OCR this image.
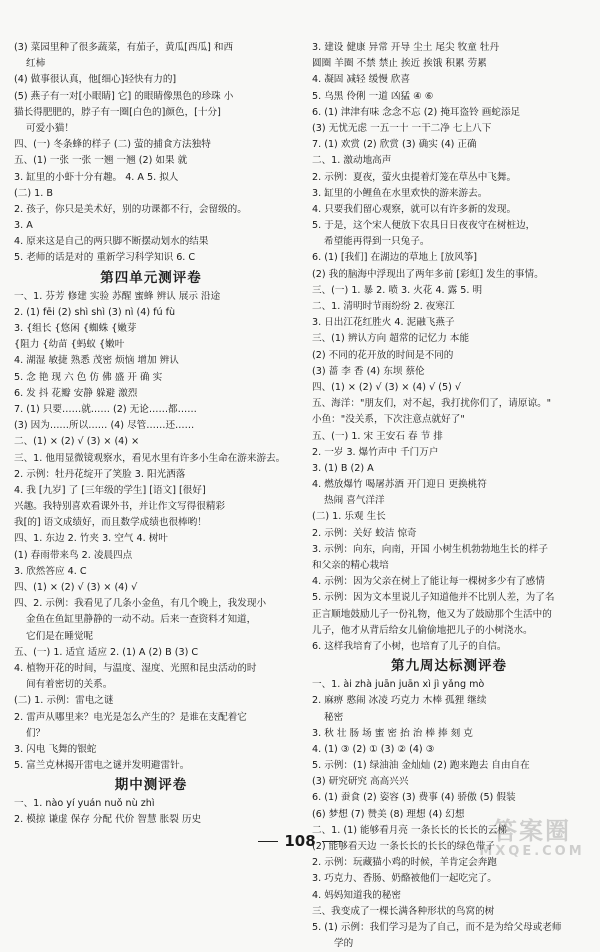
(3) 菜园里种了很多蔬菜，有茄子，黄瓜[西瓜] 和西
红柿
(4) 做事很认真，他[细心]轻快有力的]
(5) 燕子有一对[小眼睛] 它] 的眼睛像黑色的珍珠 小
猫长得肥肥的，脖子有一圈[白色的]颜色，[十分]
可爱小猫！
四、(一) 冬条蜂的样子 (二) 萤的捕食方法独特
五、(1) 一张 一张 一翘 一翘 (2) 如果 就
3. 缸里的小虾十分有趣。 4. A 5. 拟人
(二) 1. B
2. 孩子，你只是美术好，别的功课都不行，会留级的。
3. A
4. 原来这是自己的两只脚不断摆动划水的结果
5. 老师的话是对的 重新学习科学知识 6. C
第四单元测评卷
一、1. 芬芳 修建 实验 苏醒 蜜蜂 辨认 展示 沿途
2. (1) fēi (2) shì shì (3) nì (4) fú fù
3. {组长 {悠闲 {蜘蛛 {嫩芽
{阻力 {幼苗 {蚂蚁 {嫩叶
4. 湖湿 敏捷 熟悉 茂密 烦恼 增加 辨认
5. 念 艳 现 六 色 仿 佛 盛 开 确 实
6. 发 抖 花瓣 安静 躲避 激烈
7. (1) 只要……就…… (2) 无论……都……
(3) 因为……所以…… (4) 尽管……还……
二、(1) × (2) √ (3) × (4) ×
三、1. 他用显微镜观察水，看见水里有许多小生命在游来游去。
2. 示例：牡丹花绽开了笑脸 3. 阳光洒落
4. 我 [九岁] 了 [三年级的学生] [语文] [很好]
兴趣。我特别喜欢看课外书，并让作文写得很精彩
我[的] 语文成绩好，而且数学成绩也很棒哟！
四、1. 东边 2. 竹夹 3. 空气 4. 树叶
(1) 春雨带来鸟 2. 凌晨四点
3. 欣然答应 4. C
四、(1) × (2) √ (3) × (4) √
四、2. 示例：我看见了几条小金鱼，有几个晚上，我发现小
金鱼在鱼缸里静静的一动不动。后来一查资料才知道，
它们是在睡觉呢
五、(一) 1. 适宜 适应 2. (1) A (2) B (3) C
4. 植物开花的时间，与温度、湿度、光照和昆虫活动的时
间有着密切的关系。
(二) 1. 示例：雷电之谜
2. 雷声从哪里来？电光是怎么产生的？是谁在支配着它
们？
3. 闪电 飞舞的银蛇
5. 富兰克林揭开雷电之谜并发明避雷针。
期中测评卷
一、1. nào yí yuán nuǒ nù zhì
2. 模掠 谦虚 保存 分配 代价 智慧 胀裂 历史
3. 建设 健康 异常 开导 尘土 尾尖 牧童 牡丹
圆圈 羊圈 不禁 禁止 挨近 挨饿 积累 劳累
4. 凝固 减轻 缓慢 欣喜
5. 乌黑 伶俐 一道 凶猛 ④ ⑥
6. (1) 津津有味 念念不忘 (2) 掩耳盗铃 画蛇添足
(3) 无忧无虑 一五一十 一干二净 七上八下
7. (1) 欢赏 (2) 欣赏 (3) 确实 (4) 正确
二、1. 激动地高声
2. 示例：夏夜，萤火虫提着灯笼在草丛中飞舞。
3. 缸里的小鲤鱼在水里欢快的游来游去。
4. 只要我们留心观察，就可以有许多新的发现。
5. 于是，这个宋人便放下农具日日夜夜守在树桩边，
希望能再得到一只兔子。
6. (1) [我们] 在湖边的草地上 [放风筝]
(2) 我的脑海中浮现出了两年多前 [彩虹] 发生的事情。
三、(一) 1. 暴 2. 喷 3. 火花 4. 露 5. 明
二、1. 清明时节雨纷纷 2. 夜寒江
3. 日出江花红胜火 4. 泥融飞燕子
三、(1) 辨认方向 超常的记忆力 本能
(2) 不同的花开放的时间是不同的
(3) 蔷 李 香 (4) 东坝 蔡伦
四、(1) × (2) √ (3) × (4) √ (5) √
五、海洋："朋友们，对不起，我打扰你们了，请原谅。"
小鱼："没关系，下次注意点就好了"
五、(一) 1. 宋 王安石 春 节 排
2. 一岁 3. 爆竹声中 千门万户
3. (1) B (2) A
4. 燃放爆竹 喝屠苏酒 开门迎日 更换桃符
热闹 喜气洋洋
(二) 1. 乐观 生长
2. 示例：关好 蛟洁 惊奇
3. 示例：向东，向南，开国 小树生机勃勃地生长的样子
和父亲的精心栽培
4. 示例：因为父亲在树上了能让每一棵树多少有了感情
5. 示例：因为文本里说儿子知道他并不比别人差，为了名
正言顺地鼓励儿子一份礼物，他又为了鼓励那个生活中的
儿子，他才从背后给女儿偷偷地把儿子的小树浇水。
6. 这样我培育了小树，也培育了儿子的自信。
第九周达标测评卷
一、1. ài zhà juān juān xì jì yǎng mò
2. 麻痹 憨闹 冰凌 巧克力 木棒 孤狸 继续
秘密
3. 秋 壮 肠 场 蜜 密 抬 治 棒 捧 刻 克
4. (1) ③ (2) ① (3) ② (4) ③
5. 示例：(1) 绿油油 金灿灿 (2) 跑来跑去 自由自在
(3) 研究研究 高高兴兴
6. (1) 蚕食 (2) 姿容 (3) 费事 (4) 骄傲 (5) 假装
(6) 梦想 (7) 赞美 (8) 理想 (4) 幻想
二、1. (1) 能够看月亮 一条长长的长长的云梯
(2) 能够看天边 一条长长的长长的绿色带子
2. 示例：玩藏猫小鸡的时候，羊肯定会奔跑
3. 巧克力、香肠、奶酪被他们一起吃完了。
4. 妈妈知道我的秘密
三、我变成了一棵长满各种形状的鸟窝的树
5. (1) 示例：我们学习是为了自己，而不是为给父母或老师
学的
108	答案圈
MXQE.COM
